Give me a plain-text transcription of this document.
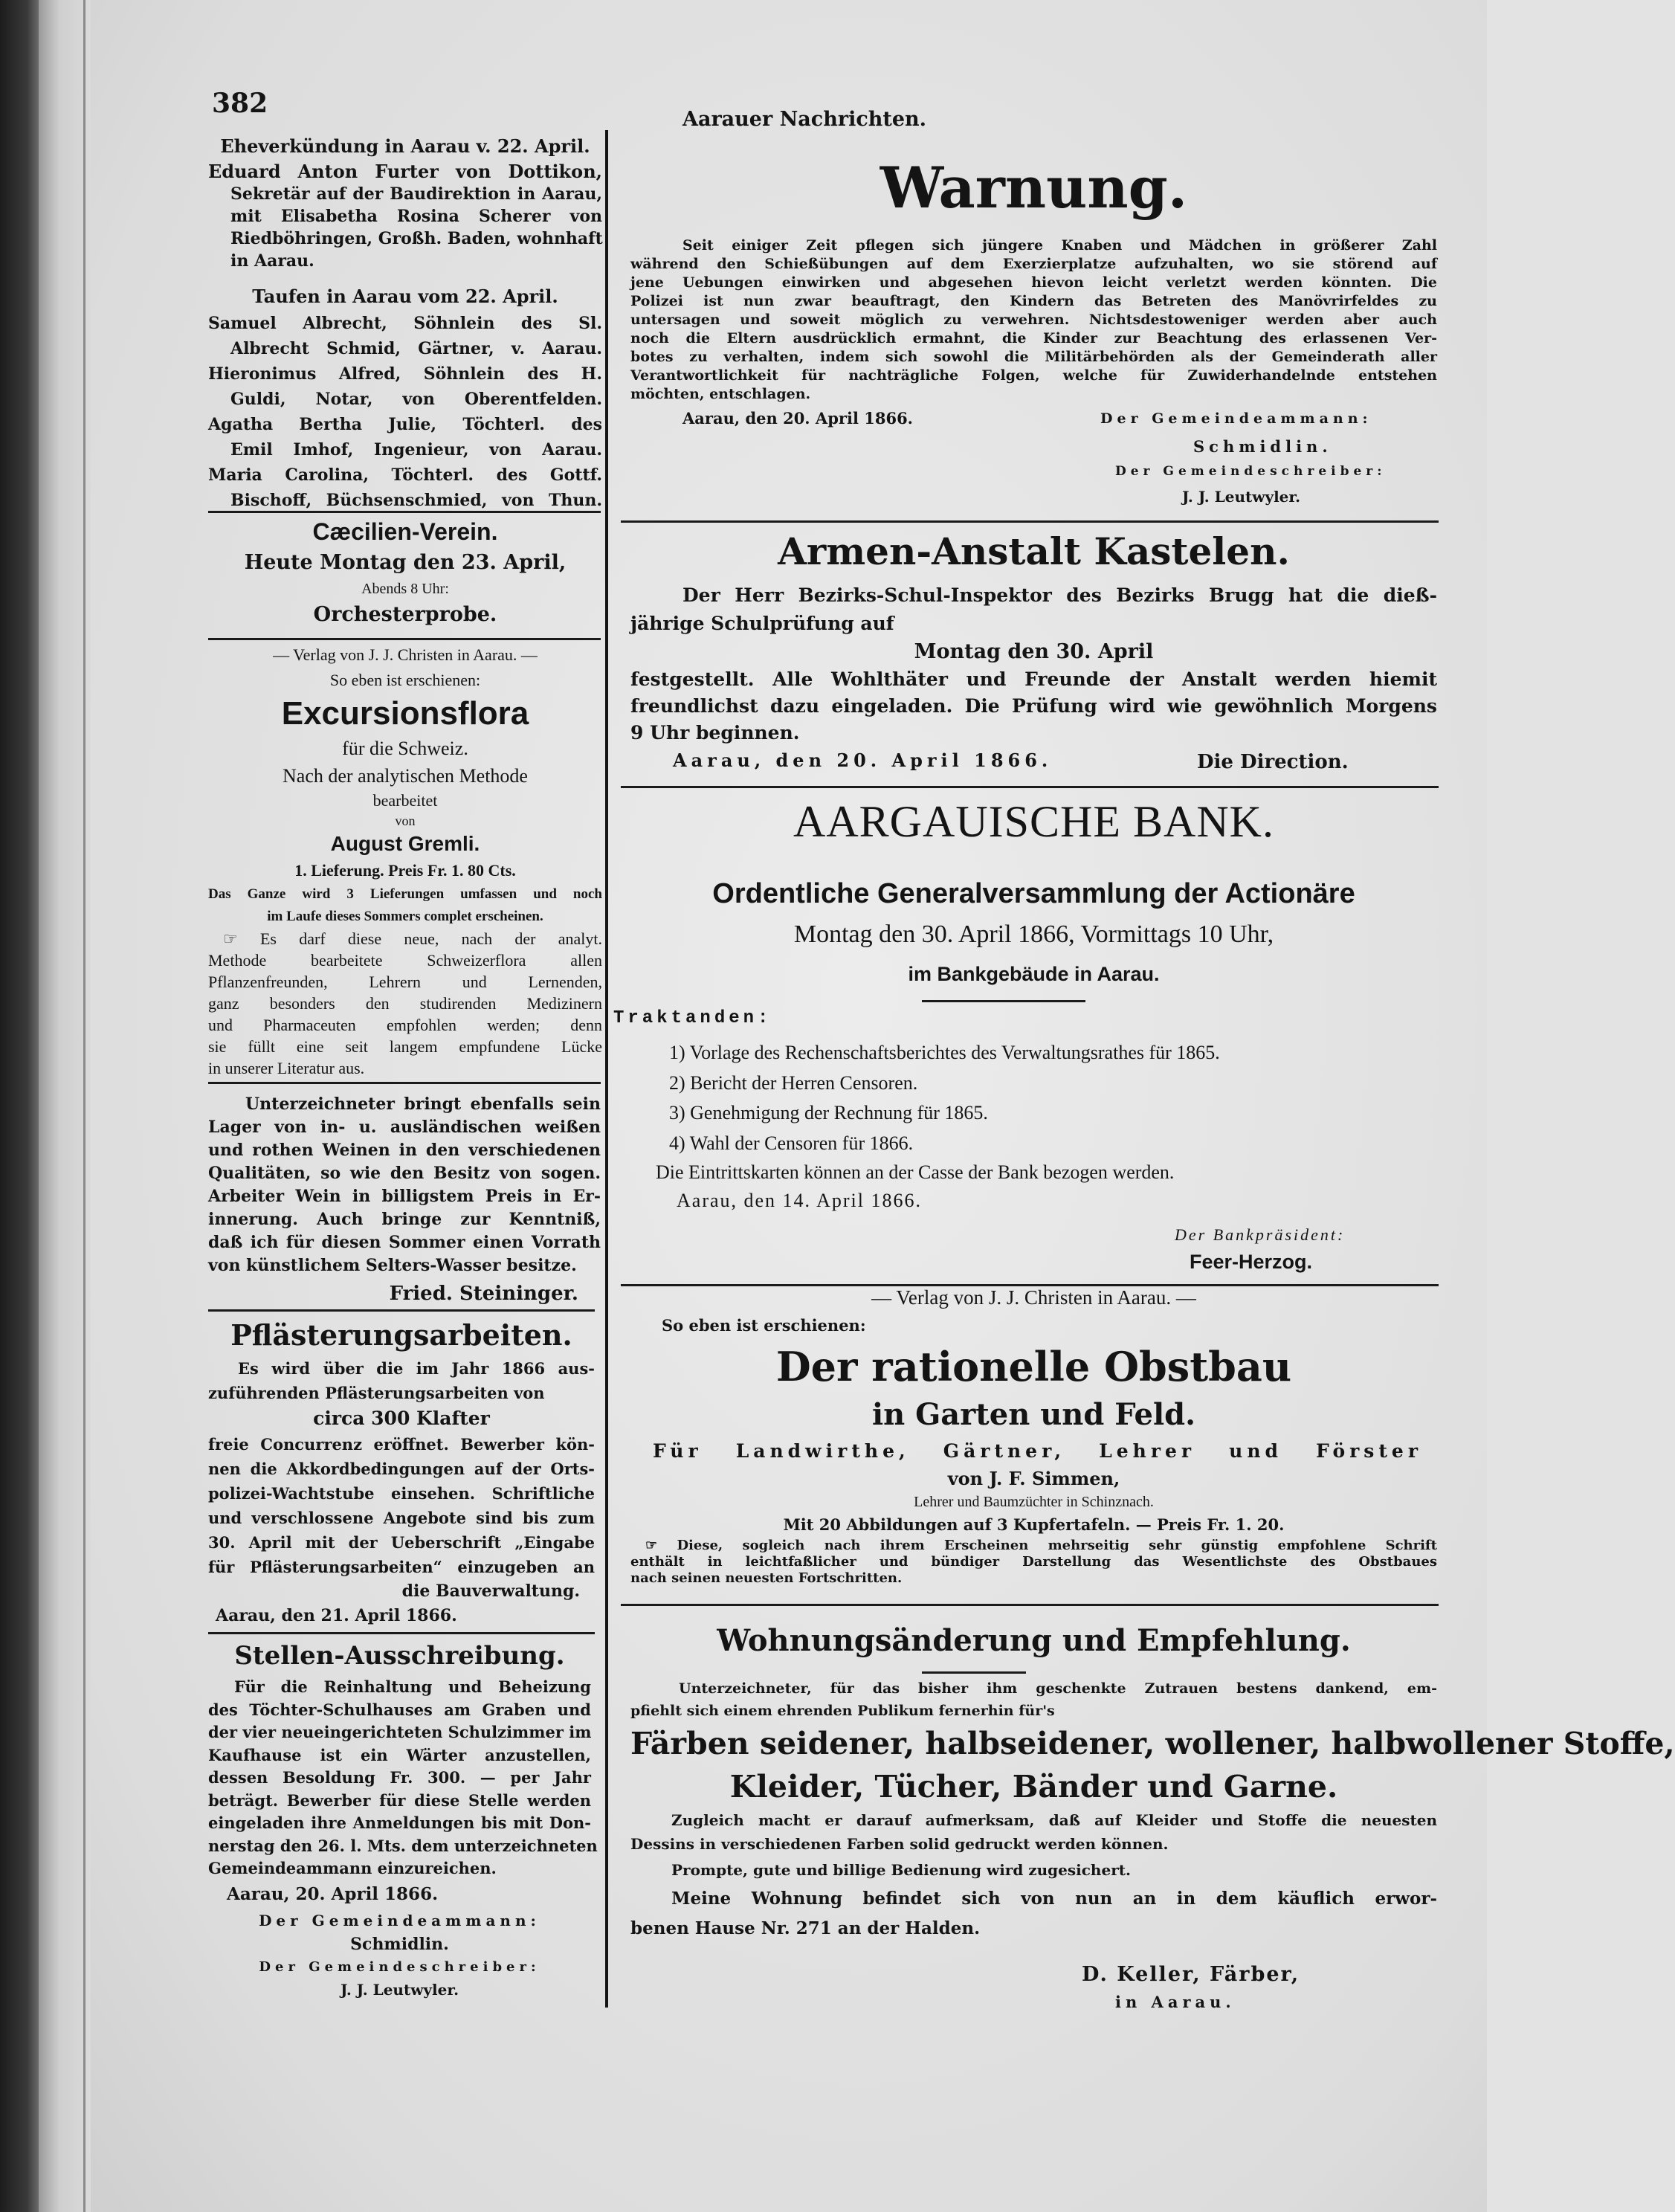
382
Aarauer Nachrichten.
Eheverkündung in Aarau v. 22. April.
Eduard Anton Furter von Dottikon,
Sekretär auf der Baudirektion in Aarau,
mit Elisabetha Rosina Scherer von
Riedböhringen, Großh. Baden, wohnhaft
in Aarau.
Taufen in Aarau vom 22. April.
Samuel Albrecht, Söhnlein des Sl.
Albrecht Schmid, Gärtner, v. Aarau.
Hieronimus Alfred, Söhnlein des H.
Guldi, Notar, von Oberentfelden.
Agatha Bertha Julie, Töchterl. des
Emil Imhof, Ingenieur, von Aarau.
Maria Carolina, Töchterl. des Gottf.
Bischoff, Büchsenschmied, von Thun.
Cæcilien-Verein.
Heute Montag den 23. April,
Abends 8 Uhr:
Orchesterprobe.
— Verlag von J. J. Christen in Aarau. —
So eben ist erschienen:
Excursionsflora
für die Schweiz.
Nach der analytischen Methode
bearbeitet
von
August Gremli.
1. Lieferung. Preis Fr. 1. 80 Cts.
Das Ganze wird 3 Lieferungen umfassen und noch
im Laufe dieses Sommers complet erscheinen.
☞ Es darf diese neue, nach der analyt.
Methode bearbeitete Schweizerflora allen
Pflanzenfreunden, Lehrern und Lernenden,
ganz besonders den studirenden Medizinern
und Pharmaceuten empfohlen werden; denn
sie füllt eine seit langem empfundene Lücke
in unserer Literatur aus.
Unterzeichneter bringt ebenfalls sein
Lager von in- u. ausländischen weißen
und rothen Weinen in den verschiedenen
Qualitäten, so wie den Besitz von sogen.
Arbeiter Wein in billigstem Preis in Er-
innerung. Auch bringe zur Kenntniß,
daß ich für diesen Sommer einen Vorrath
von künstlichem Selters-Wasser besitze.
Fried. Steininger.
Pflästerungsarbeiten.
Es wird über die im Jahr 1866 aus-
zuführenden Pflästerungsarbeiten von
circa 300 Klafter
freie Concurrenz eröffnet. Bewerber kön-
nen die Akkordbedingungen auf der Orts-
polizei-Wachtstube einsehen. Schriftliche
und verschlossene Angebote sind bis zum
30. April mit der Ueberschrift „Eingabe
für Pflästerungsarbeiten“ einzugeben an
die Bauverwaltung.
Aarau, den 21. April 1866.
Stellen-Ausschreibung.
Für die Reinhaltung und Beheizung
des Töchter-Schulhauses am Graben und
der vier neueingerichteten Schulzimmer im
Kaufhause ist ein Wärter anzustellen,
dessen Besoldung Fr. 300. — per Jahr
beträgt. Bewerber für diese Stelle werden
eingeladen ihre Anmeldungen bis mit Don-
nerstag den 26. l. Mts. dem unterzeichneten
Gemeindeammann einzureichen.
Aarau, 20. April 1866.
Der Gemeindeammann:
Schmidlin.
Der Gemeindeschreiber:
J. J. Leutwyler.
Warnung.
Seit einiger Zeit pflegen sich jüngere Knaben und Mädchen in größerer Zahl
während den Schießübungen auf dem Exerzierplatze aufzuhalten, wo sie störend auf
jene Uebungen einwirken und abgesehen hievon leicht verletzt werden könnten. Die
Polizei ist nun zwar beauftragt, den Kindern das Betreten des Manövrirfeldes zu
untersagen und soweit möglich zu verwehren. Nichtsdestoweniger werden aber auch
noch die Eltern ausdrücklich ermahnt, die Kinder zur Beachtung des erlassenen Ver-
botes zu verhalten, indem sich sowohl die Militärbehörden als der Gemeinderath aller
Verantwortlichkeit für nachträgliche Folgen, welche für Zuwiderhandelnde entstehen
möchten, entschlagen.
Aarau, den 20. April 1866.	Der Gemeindeammann:
Schmidlin.
Der Gemeindeschreiber:
J. J. Leutwyler.
Armen-Anstalt Kastelen.
Der Herr Bezirks-Schul-Inspektor des Bezirks Brugg hat die dieß-
jährige Schulprüfung auf
Montag den 30. April
festgestellt. Alle Wohlthäter und Freunde der Anstalt werden hiemit
freundlichst dazu eingeladen. Die Prüfung wird wie gewöhnlich Morgens
9 Uhr beginnen.
Aarau, den 20. April 1866.	Die Direction.
AARGAUISCHE BANK.
Ordentliche Generalversammlung der Actionäre
Montag den 30. April 1866, Vormittags 10 Uhr,
im Bankgebäude in Aarau.
Traktanden:
1) Vorlage des Rechenschaftsberichtes des Verwaltungsrathes für 1865.
2) Bericht der Herren Censoren.
3) Genehmigung der Rechnung für 1865.
4) Wahl der Censoren für 1866.
Die Eintrittskarten können an der Casse der Bank bezogen werden.
Aarau, den 14. April 1866.
Der Bankpräsident:
Feer-Herzog.
— Verlag von J. J. Christen in Aarau. —
So eben ist erschienen:
Der rationelle Obstbau
in Garten und Feld.
Für Landwirthe, Gärtner, Lehrer und Förster
von J. F. Simmen,
Lehrer und Baumzüchter in Schinznach.
Mit 20 Abbildungen auf 3 Kupfertafeln. — Preis Fr. 1. 20.
☞ Diese, sogleich nach ihrem Erscheinen mehrseitig sehr günstig empfohlene Schrift
enthält in leichtfaßlicher und bündiger Darstellung das Wesentlichste des Obstbaues
nach seinen neuesten Fortschritten.
Wohnungsänderung und Empfehlung.
Unterzeichneter, für das bisher ihm geschenkte Zutrauen bestens dankend, em-
pfiehlt sich einem ehrenden Publikum fernerhin für's
Färben seidener, halbseidener, wollener, halbwollener Stoffe,
Kleider, Tücher, Bänder und Garne.
Zugleich macht er darauf aufmerksam, daß auf Kleider und Stoffe die neuesten
Dessins in verschiedenen Farben solid gedruckt werden können.
Prompte, gute und billige Bedienung wird zugesichert.
Meine Wohnung befindet sich von nun an in dem käuflich erwor-
benen Hause Nr. 271 an der Halden.
D. Keller, Färber,
in Aarau.
